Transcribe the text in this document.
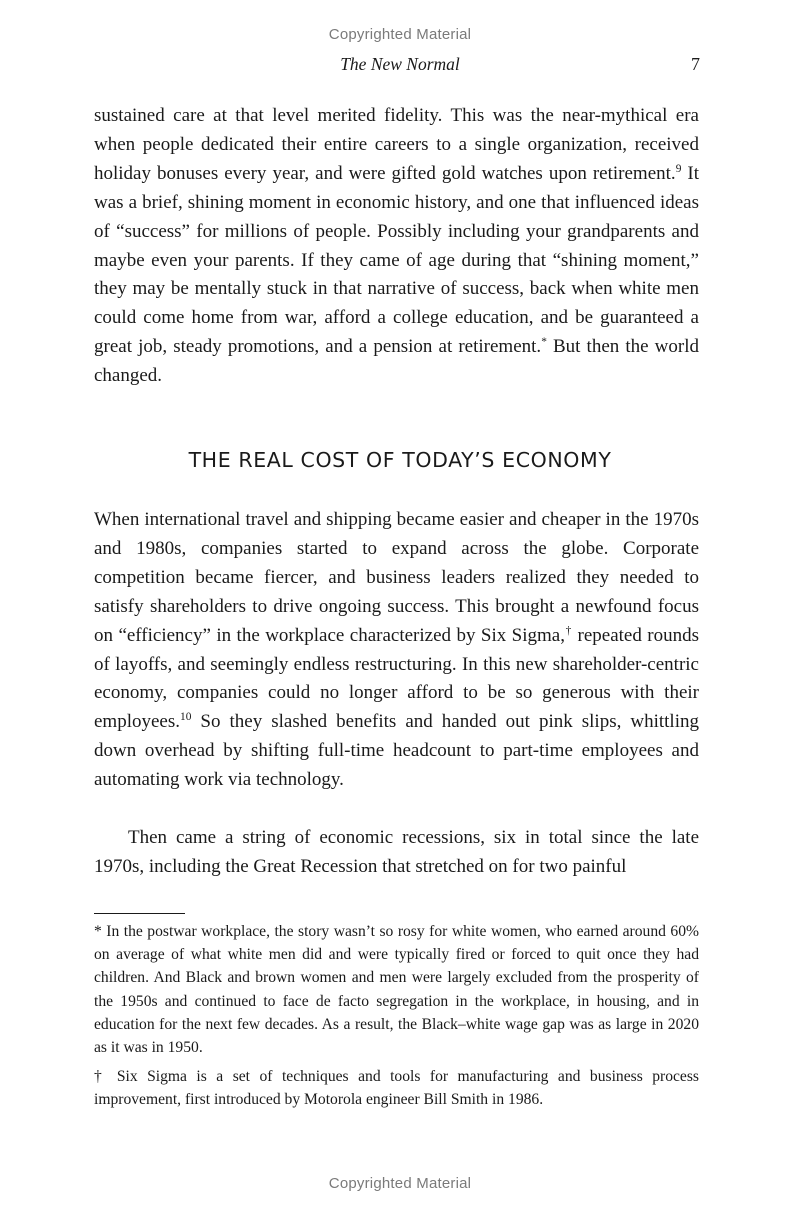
Copyrighted Material
The New Normal	7

sustained care at that level merited fidelity. This was the near-mythical era when people dedicated their entire careers to a single organization, received holiday bonuses every year, and were gifted gold watches upon retirement.$^9$ It was a brief, shining moment in economic history, and one that influenced ideas of “success” for millions of people. Possibly including your grandparents and maybe even your parents. If they came of age during that “shining moment,” they may be mentally stuck in that narrative of success, back when white men could come home from war, afford a college education, and be guaranteed a great job, steady promotions, and a pension at retirement.* But then the world changed.

THE REAL COST OF TODAY’S ECONOMY

When international travel and shipping became easier and cheaper in the 1970s and 1980s, companies started to expand across the globe. Corporate competition became fiercer, and business leaders realized they needed to satisfy shareholders to drive ongoing success. This brought a newfound focus on “efficiency” in the workplace characterized by Six Sigma,† repeated rounds of layoffs, and seemingly endless restructuring. In this new shareholder-centric economy, companies could no longer afford to be so generous with their employees.$^{10}$ So they slashed benefits and handed out pink slips, whittling down overhead by shifting full-time headcount to part-time employees and automating work via technology.

Then came a string of economic recessions, six in total since the late 1970s, including the Great Recession that stretched on for two painful

* In the postwar workplace, the story wasn’t so rosy for white women, who earned around 60% on average of what white men did and were typically fired or forced to quit once they had children. And Black and brown women and men were largely excluded from the prosperity of the 1950s and continued to face de facto segregation in the workplace, in housing, and in education for the next few decades. As a result, the Black–white wage gap was as large in 2020 as it was in 1950.

† Six Sigma is a set of techniques and tools for manufacturing and business process improvement, first introduced by Motorola engineer Bill Smith in 1986.

Copyrighted Material
